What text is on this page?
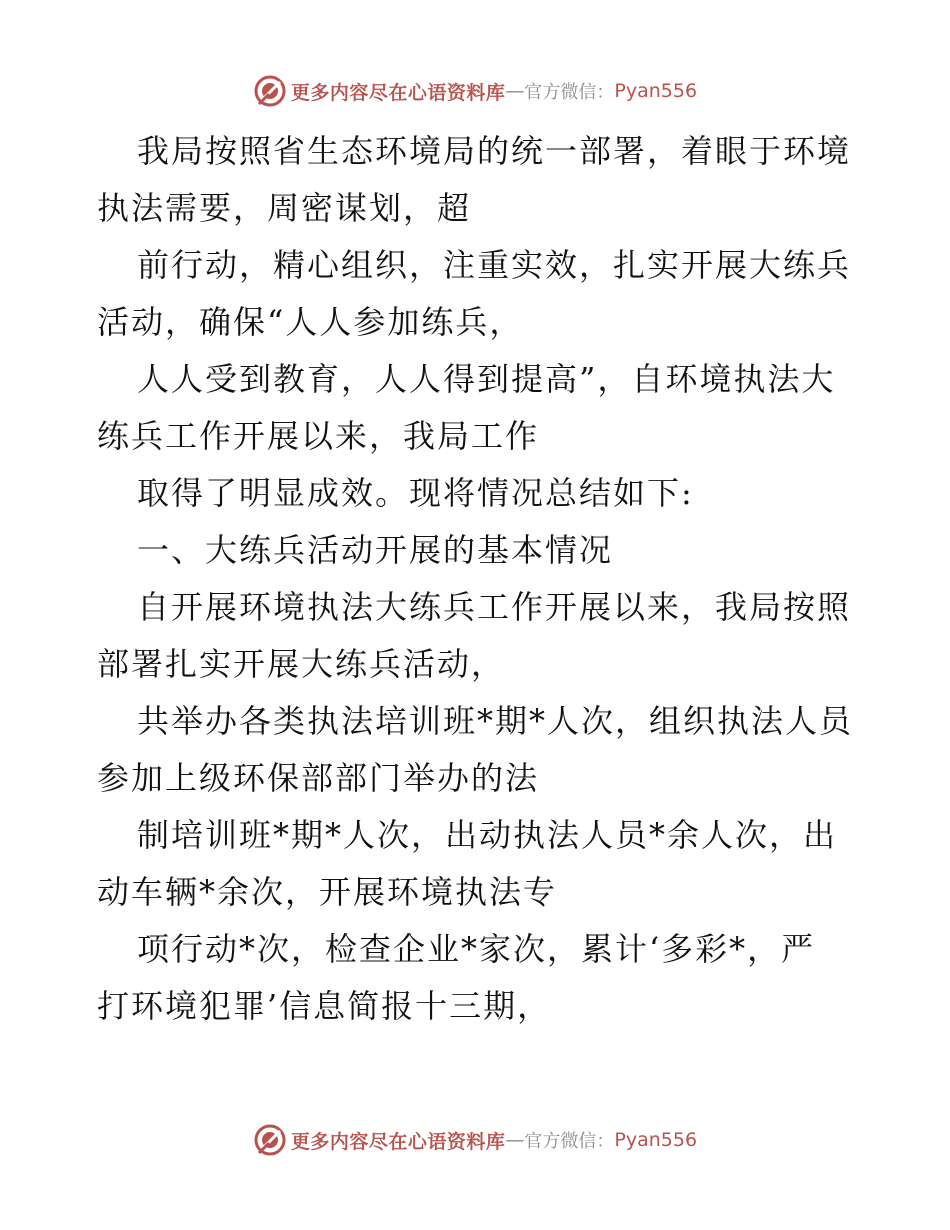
更多内容尽在心语资料库 — 官方微信： Pyan556
我局按照省生态环境局的统一部署，着眼于环境
执法需要，周密谋划，超
前行动，精心组织，注重实效，扎实开展大练兵
活动，确保“人人参加练兵，
人人受到教育，人人得到提高”，自环境执法大
练兵工作开展以来，我局工作
取得了明显成效。现将情况总结如下:
一、大练兵活动开展的基本情况
自开展环境执法大练兵工作开展以来，我局按照
部署扎实开展大练兵活动，
共举办各类执法培训班*期*人次，组织执法人员
参加上级环保部部门举办的法
制培训班*期*人次，出动执法人员*余人次，出
动车辆*余次，开展环境执法专
项行动*次，检查企业*家次，累计‘多彩*，严
打环境犯罪’信息简报十三期，
更多内容尽在心语资料库 — 官方微信： Pyan556
